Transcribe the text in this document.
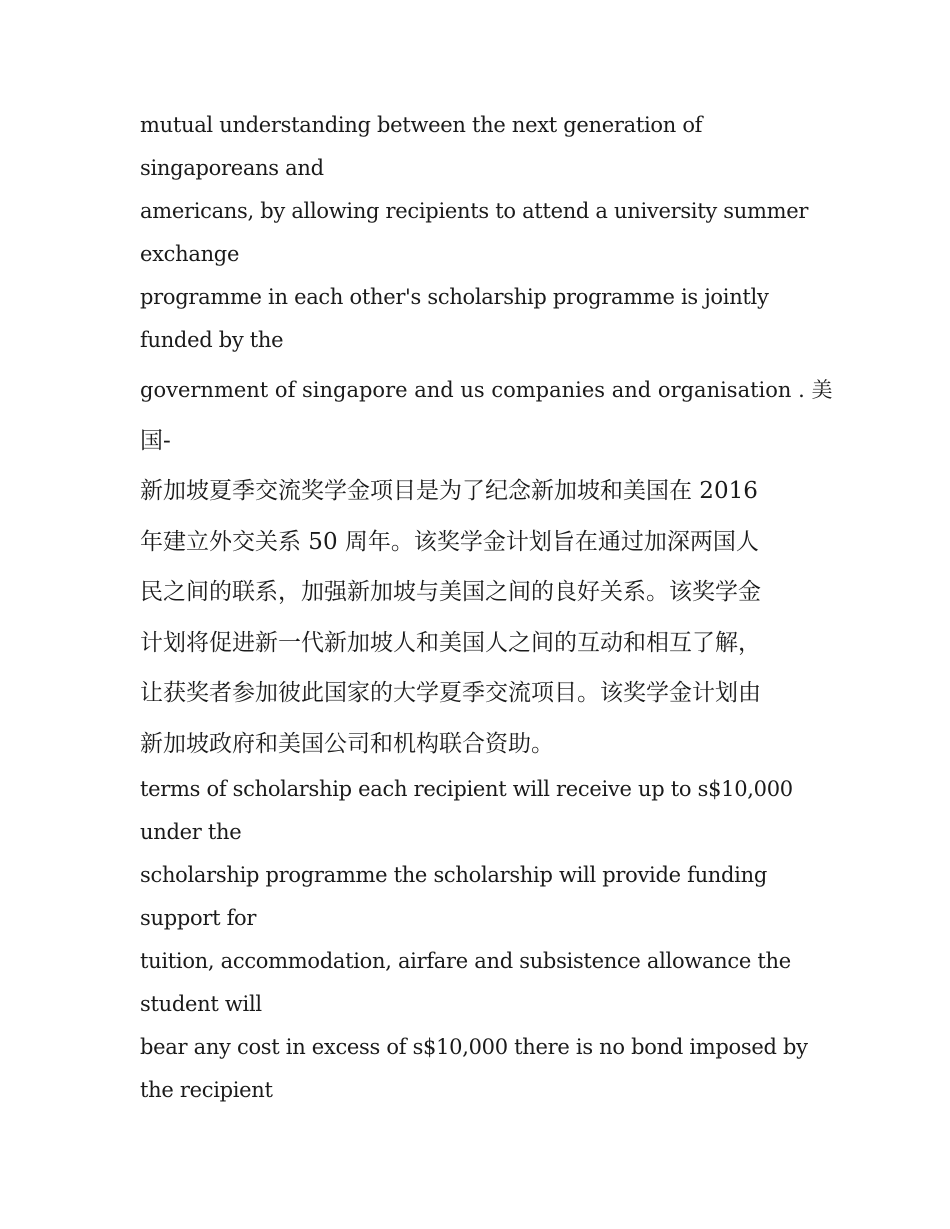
mutual understanding between the next generation of
singaporeans and
americans, by allowing recipients to attend a university summer
exchange
programme in each other's scholarship programme is jointly
funded by the
government of singapore and us companies and organisation . 美
国-
新加坡夏季交流奖学金项目是为了纪念新加坡和美国在 2016
年建立外交关系 50 周年。该奖学金计划旨在通过加深两国人
民之间的联系，加强新加坡与美国之间的良好关系。该奖学金
计划将促进新一代新加坡人和美国人之间的互动和相互了解，
让获奖者参加彼此国家的大学夏季交流项目。该奖学金计划由
新加坡政府和美国公司和机构联合资助。
terms of scholarship each recipient will receive up to s$10,000
under the
scholarship programme the scholarship will provide funding
support for
tuition, accommodation, airfare and subsistence allowance the
student will
bear any cost in excess of s$10,000 there is no bond imposed by
the recipient
